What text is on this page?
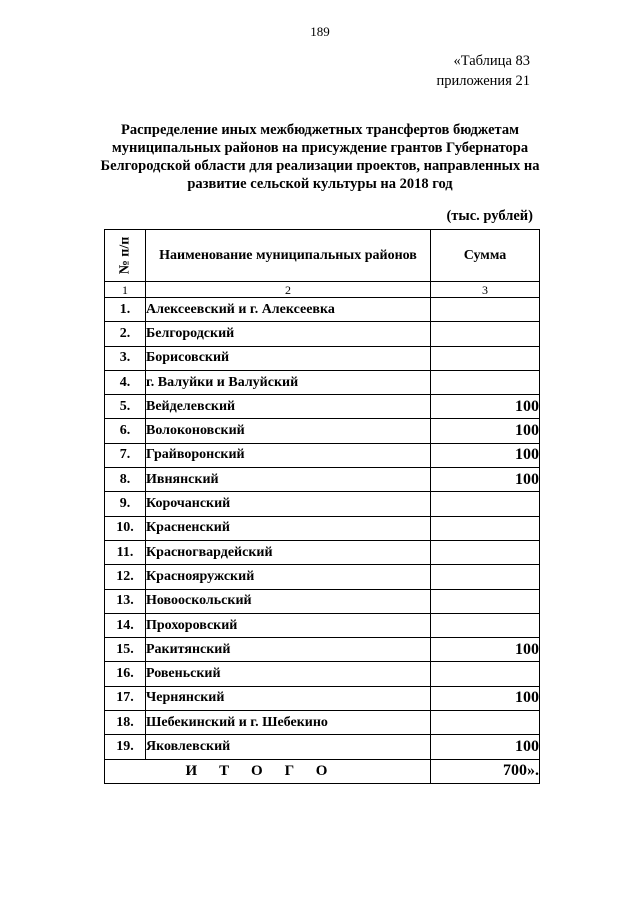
189
«Таблица 83
приложения 21
Распределение иных межбюджетных трансфертов бюджетам муниципальных районов на присуждение грантов Губернатора Белгородской области для реализации проектов, направленных на развитие сельской культуры на 2018 год
(тыс. рублей)
№ п/п	Наименование муниципальных районов	Сумма
1	2	3
1.	Алексеевский и г. Алексеевка	
2.	Белгородский	
3.	Борисовский	
4.	г. Валуйки и Валуйский	
5.	Вейделевский	100
6.	Волоконовский	100
7.	Грайворонский	100
8.	Ивнянский	100
9.	Корочанский	
10.	Красненский	
11.	Красногвардейский	
12.	Краснояружский	
13.	Новооскольский	
14.	Прохоровский	
15.	Ракитянский	100
16.	Ровеньский	
17.	Чернянский	100
18.	Шебекинский и г. Шебекино	
19.	Яковлевский	100
ИТОГО		700».
